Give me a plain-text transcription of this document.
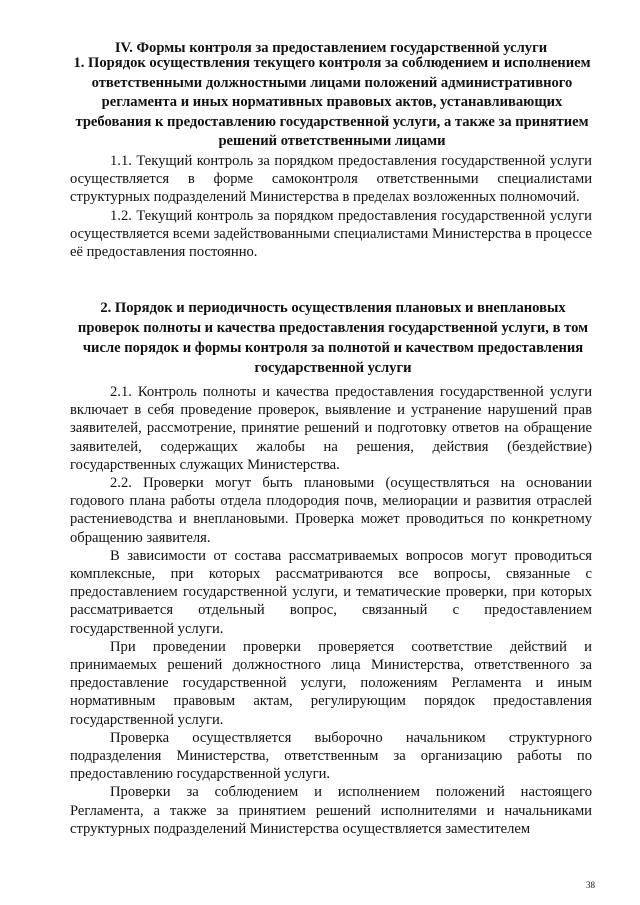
IV. Формы контроля за предоставлением государственной услуги

1. Порядок осуществления текущего контроля за соблюдением и исполнением ответственными должностными лицами положений административного регламента и иных нормативных правовых актов, устанавливающих требования к предоставлению государственной услуги, а также за принятием решений ответственными лицами

1.1. Текущий контроль за порядком предоставления государственной услуги осуществляется в форме самоконтроля ответственными специалистами структурных подразделений Министерства в пределах возложенных полномочий.

1.2. Текущий контроль за порядком предоставления государственной услуги осуществляется всеми задействованными специалистами Министерства в процессе её предоставления постоянно.

2. Порядок и периодичность осуществления плановых и внеплановых проверок полноты и качества предоставления государственной услуги, в том числе порядок и формы контроля за полнотой и качеством предоставления государственной услуги

2.1. Контроль полноты и качества предоставления государственной услуги включает в себя проведение проверок, выявление и устранение нарушений прав заявителей, рассмотрение, принятие решений и подготовку ответов на обращение заявителей, содержащих жалобы на решения, действия (бездействие) государственных служащих Министерства.

2.2. Проверки могут быть плановыми (осуществляться на основании годового плана работы отдела плодородия почв, мелиорации и развития отраслей растениеводства и внеплановыми. Проверка может проводиться по конкретному обращению заявителя.

В зависимости от состава рассматриваемых вопросов могут проводиться комплексные, при которых рассматриваются все вопросы, связанные с предоставлением государственной услуги, и тематические проверки, при которых рассматривается отдельный вопрос, связанный с предоставлением государственной услуги.

При проведении проверки проверяется соответствие действий и принимаемых решений должностного лица Министерства, ответственного за предоставление государственной услуги, положениям Регламента и иным нормативным правовым актам, регулирующим порядок предоставления государственной услуги.

Проверка осуществляется выборочно начальником структурного подразделения Министерства, ответственным за организацию работы по предоставлению государственной услуги.

Проверки за соблюдением и исполнением положений настоящего Регламента, а также за принятием решений исполнителями и начальниками структурных подразделений Министерства осуществляется заместителем

38
